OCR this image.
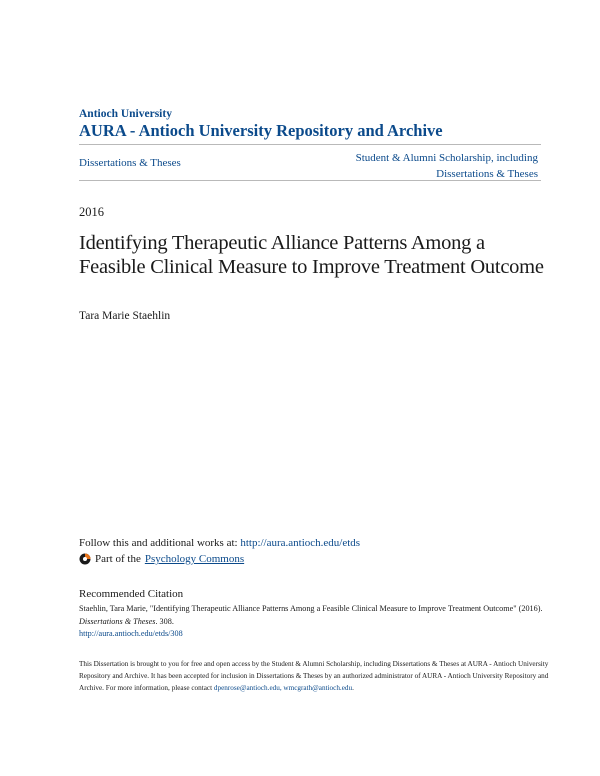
Antioch University
AURA - Antioch University Repository and Archive
Dissertations & Theses	Student & Alumni Scholarship, including
Dissertations & Theses
2016
Identifying Therapeutic Alliance Patterns Among a Feasible Clinical Measure to Improve Treatment Outcome
Tara Marie Staehlin
Follow this and additional works at: http://aura.antioch.edu/etds
Part of the Psychology Commons
Recommended Citation
Staehlin, Tara Marie, "Identifying Therapeutic Alliance Patterns Among a Feasible Clinical Measure to Improve Treatment Outcome" (2016). Dissertations & Theses. 308.
http://aura.antioch.edu/etds/308
This Dissertation is brought to you for free and open access by the Student & Alumni Scholarship, including Dissertations & Theses at AURA - Antioch University Repository and Archive. It has been accepted for inclusion in Dissertations & Theses by an authorized administrator of AURA - Antioch University Repository and Archive. For more information, please contact dpenrose@antioch.edu, wmcgrath@antioch.edu.
